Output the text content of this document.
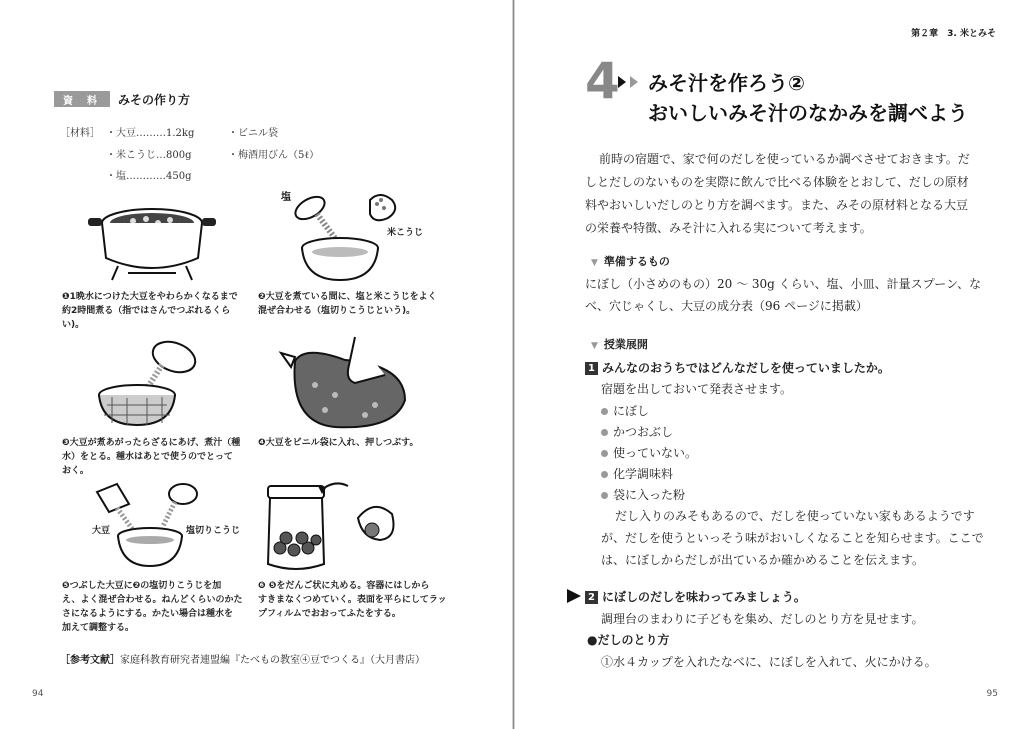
資 料 みその作り方
［材料］ ・大豆………1.2kg	・ビニル袋
・米こうじ…800g	・梅酒用びん（5ℓ）
・塩…………450g
塩
米こうじ
❶1晩水につけた大豆をやわらかくなるまで
約2時間煮る（指ではさんでつぶれるくら
い)。
❷大豆を煮ている間に、塩と米こうじをよく
混ぜ合わせる（塩切りこうじという)。
❸大豆が煮あがったらざるにあげ、煮汁（種
水）をとる。種水はあとで使うのでとって
おく。
❹大豆をビニル袋に入れ、押しつぶす。
大豆	塩切りこうじ
❺つぶした大豆に❷の塩切りこうじを加
え、よく混ぜ合わせる。ねんどくらいのかた
さになるようにする。かたい場合は種水を
加えて調整する。
❻ ❺をだんご状に丸める。容器にはしから
すきまなくつめていく。表面を平らにしてラッ
プフィルムでおおってふたをする。
［参考文献］家庭科教育研究者連盟編『たべもの教室④豆でつくる』（大月書店）
94
第２章　3. 米とみそ
4 みそ汁を作ろう②
おいしいみそ汁のなかみを調べよう
前時の宿題で、家で何のだしを使っているか調べさせておきます。だ
しとだしのないものを実際に飲んで比べる体験をとおして、だしの原材
料やおいしいだしのとり方を調べます。また、みその原材料となる大豆
の栄養や特徴、みそ汁に入れる実について考えます。
▼ 準備するもの
にぼし（小さめのもの）20 ～ 30g くらい、塩、小皿、計量スプーン、な
べ、穴じゃくし、大豆の成分表（96 ページに掲載）
▼ 授業展開
1 みんなのおうちではどんなだしを使っていましたか。
宿題を出しておいて発表させます。
にぼし
かつおぶし
使っていない。
化学調味料
袋に入った粉
だし入りのみそもあるので、だしを使っていない家もあるようです
が、だしを使うといっそう味がおいしくなることを知らせます。ここで
は、にぼしからだしが出ているか確かめることを伝えます。
2 にぼしのだしを味わってみましょう。
調理台のまわりに子どもを集め、だしのとり方を見せます。
●だしのとり方
①水４カップを入れたなべに、にぼしを入れて、火にかける。
95
